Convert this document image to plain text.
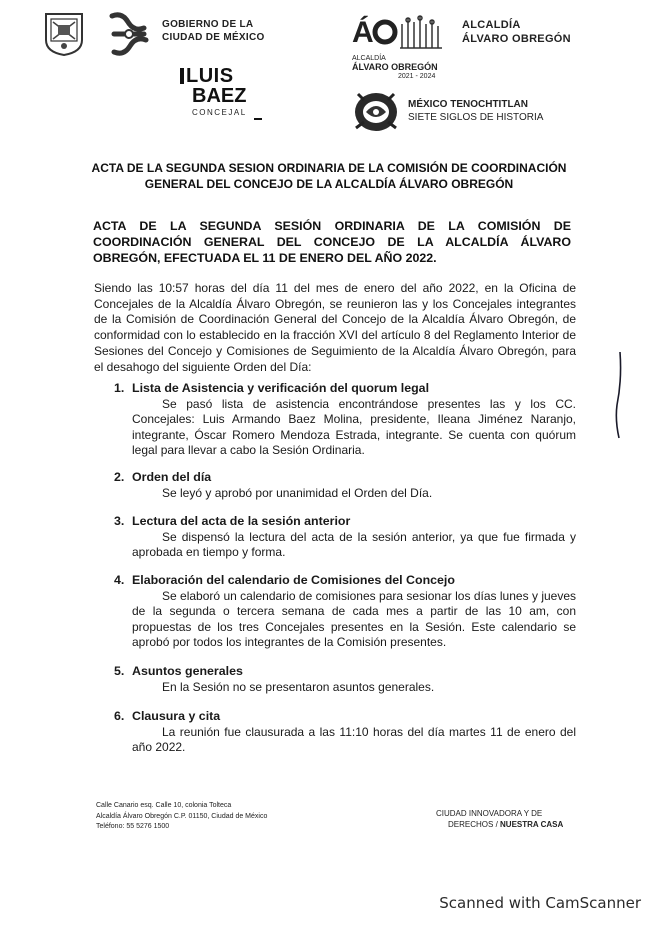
GOBIERNO DE LA
CIUDAD DE MÉXICO
LUIS
BAEZ
CONCEJAL
Á
ALCALDÍA
ÁLVARO OBREGÓN
2021 - 2024
ALCALDÍA
ÁLVARO OBREGÓN
MÉXICO TENOCHTITLAN
SIETE SIGLOS DE HISTORIA
ACTA DE LA SEGUNDA SESION ORDINARIA DE LA COMISIÓN DE COORDINACIÓN GENERAL DEL CONCEJO DE LA ALCALDÍA ÁLVARO OBREGÓN
ACTA DE LA SEGUNDA SESIÓN ORDINARIA DE LA COMISIÓN DE COORDINACIÓN GENERAL DEL CONCEJO DE LA ALCALDÍA ÁLVARO OBREGÓN, EFECTUADA EL 11 DE ENERO DEL AÑO 2022.
Siendo las 10:57 horas del día 11 del mes de enero del año 2022, en la Oficina de Concejales de la Alcaldía Álvaro Obregón, se reunieron las y los Concejales integrantes de la Comisión de Coordinación General del Concejo de la Alcaldía Álvaro Obregón, de conformidad con lo establecido en la fracción XVI del artículo 8 del Reglamento Interior de Sesiones del Concejo y Comisiones de Seguimiento de la Alcaldía Álvaro Obregón, para el desahogo del siguiente Orden del Día:
1. Lista de Asistencia y verificación del quorum legal
Se pasó lista de asistencia encontrándose presentes las y los CC. Concejales: Luis Armando Baez Molina, presidente, Ileana Jiménez Naranjo, integrante, Óscar Romero Mendoza Estrada, integrante. Se cuenta con quórum legal para llevar a cabo la Sesión Ordinaria.
2. Orden del día
Se leyó y aprobó por unanimidad el Orden del Día.
3. Lectura del acta de la sesión anterior
Se dispensó la lectura del acta de la sesión anterior, ya que fue firmada y aprobada en tiempo y forma.
4. Elaboración del calendario de Comisiones del Concejo
Se elaboró un calendario de comisiones para sesionar los días lunes y jueves de la segunda o tercera semana de cada mes a partir de las 10 am, con propuestas de los tres Concejales presentes en la Sesión. Este calendario se aprobó por todos los integrantes de la Comisión presentes.
5. Asuntos generales
En la Sesión no se presentaron asuntos generales.
6. Clausura y cita
La reunión fue clausurada a las 11:10 horas del día martes 11 de enero del año 2022.
Calle Canario esq. Calle 10, colonia Tolteca
Alcaldía Álvaro Obregón C.P. 01150, Ciudad de México
Teléfono: 55 5276 1500
CIUDAD INNOVADORA Y DE
DERECHOS / NUESTRA CASA
Scanned with CamScanner
